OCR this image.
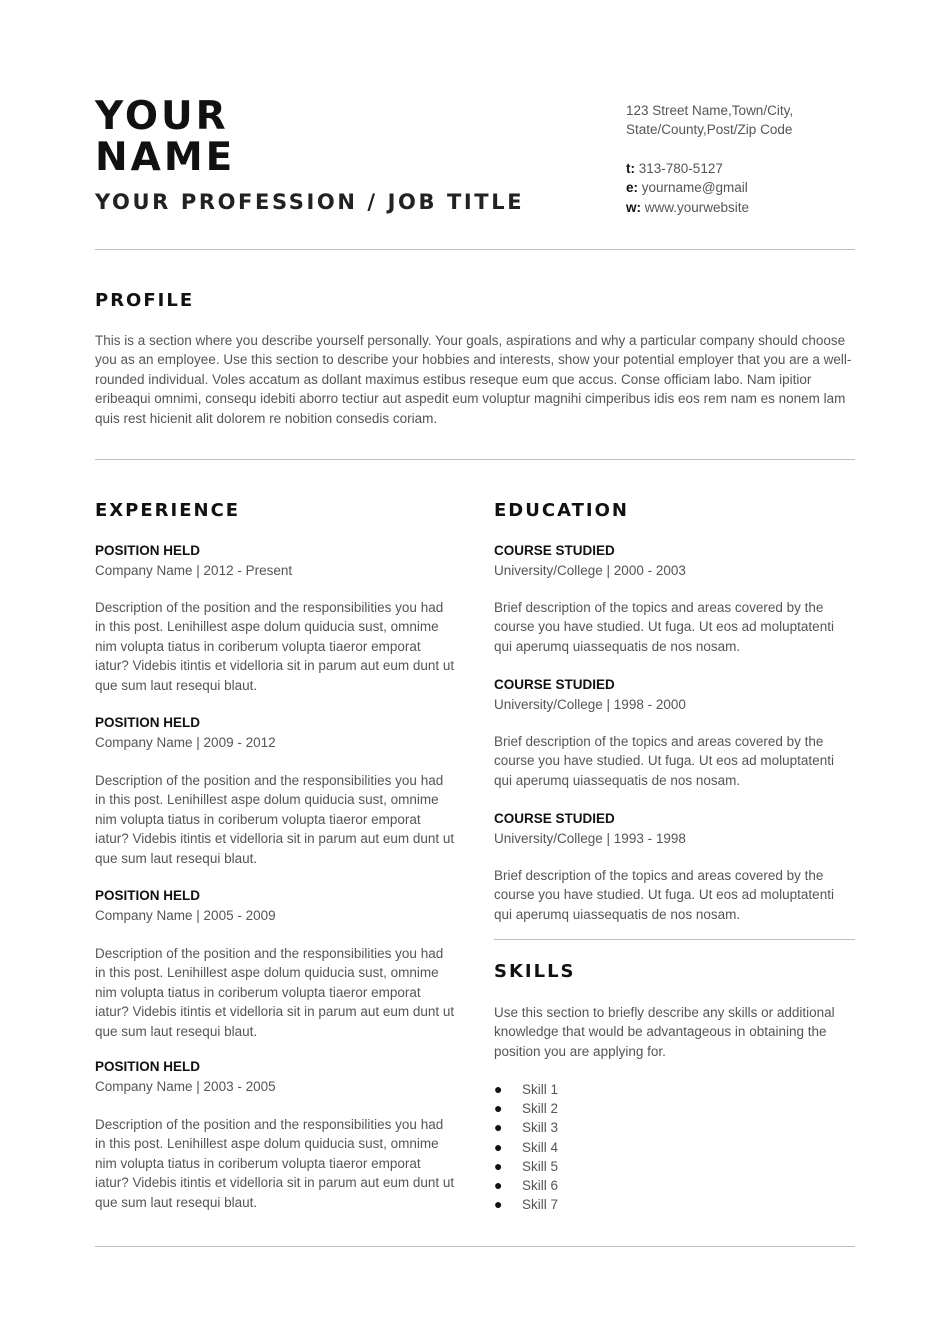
YOUR
NAME
YOUR PROFESSION / JOB TITLE
123 Street Name,Town/City,
State/County,Post/Zip Code
t: 313-780-5127
e: yourname@gmail
w: www.yourwebsite
PROFILE

This is a section where you describe yourself personally. Your goals, aspirations and why a particular company should choose you as an employee. Use this section to describe your hobbies and interests, show your potential employer that you are a well-rounded individual. Voles accatum as dollant maximus estibus reseque eum que accus. Conse officiam labo. Nam ipitior eribeaqui omnimi, consequ idebiti aborro tectiur aut aspedit eum voluptur magnihi cimperibus idis eos rem nam es nonem lam quis rest hicienit alit dolorem re nobition consedis coriam.

EXPERIENCE

POSITION HELD

Company Name | 2012 - Present

Description of the position and the responsibilities you had in this post. Lenihillest aspe dolum quiducia sust, omnime nim volupta tiatus in coriberum volupta tiaeror emporat iatur? Videbis itintis et videlloria sit in parum aut eum dunt ut que sum laut resequi blaut.

POSITION HELD

Company Name | 2009 - 2012

Description of the position and the responsibilities you had in this post. Lenihillest aspe dolum quiducia sust, omnime nim volupta tiatus in coriberum volupta tiaeror emporat iatur? Videbis itintis et videlloria sit in parum aut eum dunt ut que sum laut resequi blaut.

POSITION HELD

Company Name | 2005 - 2009

Description of the position and the responsibilities you had in this post. Lenihillest aspe dolum quiducia sust, omnime nim volupta tiatus in coriberum volupta tiaeror emporat iatur? Videbis itintis et videlloria sit in parum aut eum dunt ut que sum laut resequi blaut.

POSITION HELD

Company Name | 2003 - 2005

Description of the position and the responsibilities you had in this post. Lenihillest aspe dolum quiducia sust, omnime nim volupta tiatus in coriberum volupta tiaeror emporat iatur? Videbis itintis et videlloria sit in parum aut eum dunt ut que sum laut resequi blaut.

EDUCATION

COURSE STUDIED

University/College | 2000 - 2003

Brief description of the topics and areas covered by the course you have studied. Ut fuga. Ut eos ad moluptatenti qui aperumq uiassequatis de nos nosam.

COURSE STUDIED

University/College | 1998 - 2000

Brief description of the topics and areas covered by the course you have studied. Ut fuga. Ut eos ad moluptatenti qui aperumq uiassequatis de nos nosam.

COURSE STUDIED

University/College | 1993 - 1998

Brief description of the topics and areas covered by the course you have studied. Ut fuga. Ut eos ad moluptatenti qui aperumq uiassequatis de nos nosam.

SKILLS

Use this section to briefly describe any skills or additional knowledge that would be advantageous in obtaining the position you are applying for.

● Skill 1
● Skill 2
● Skill 3
● Skill 4
● Skill 5
● Skill 6
● Skill 7
